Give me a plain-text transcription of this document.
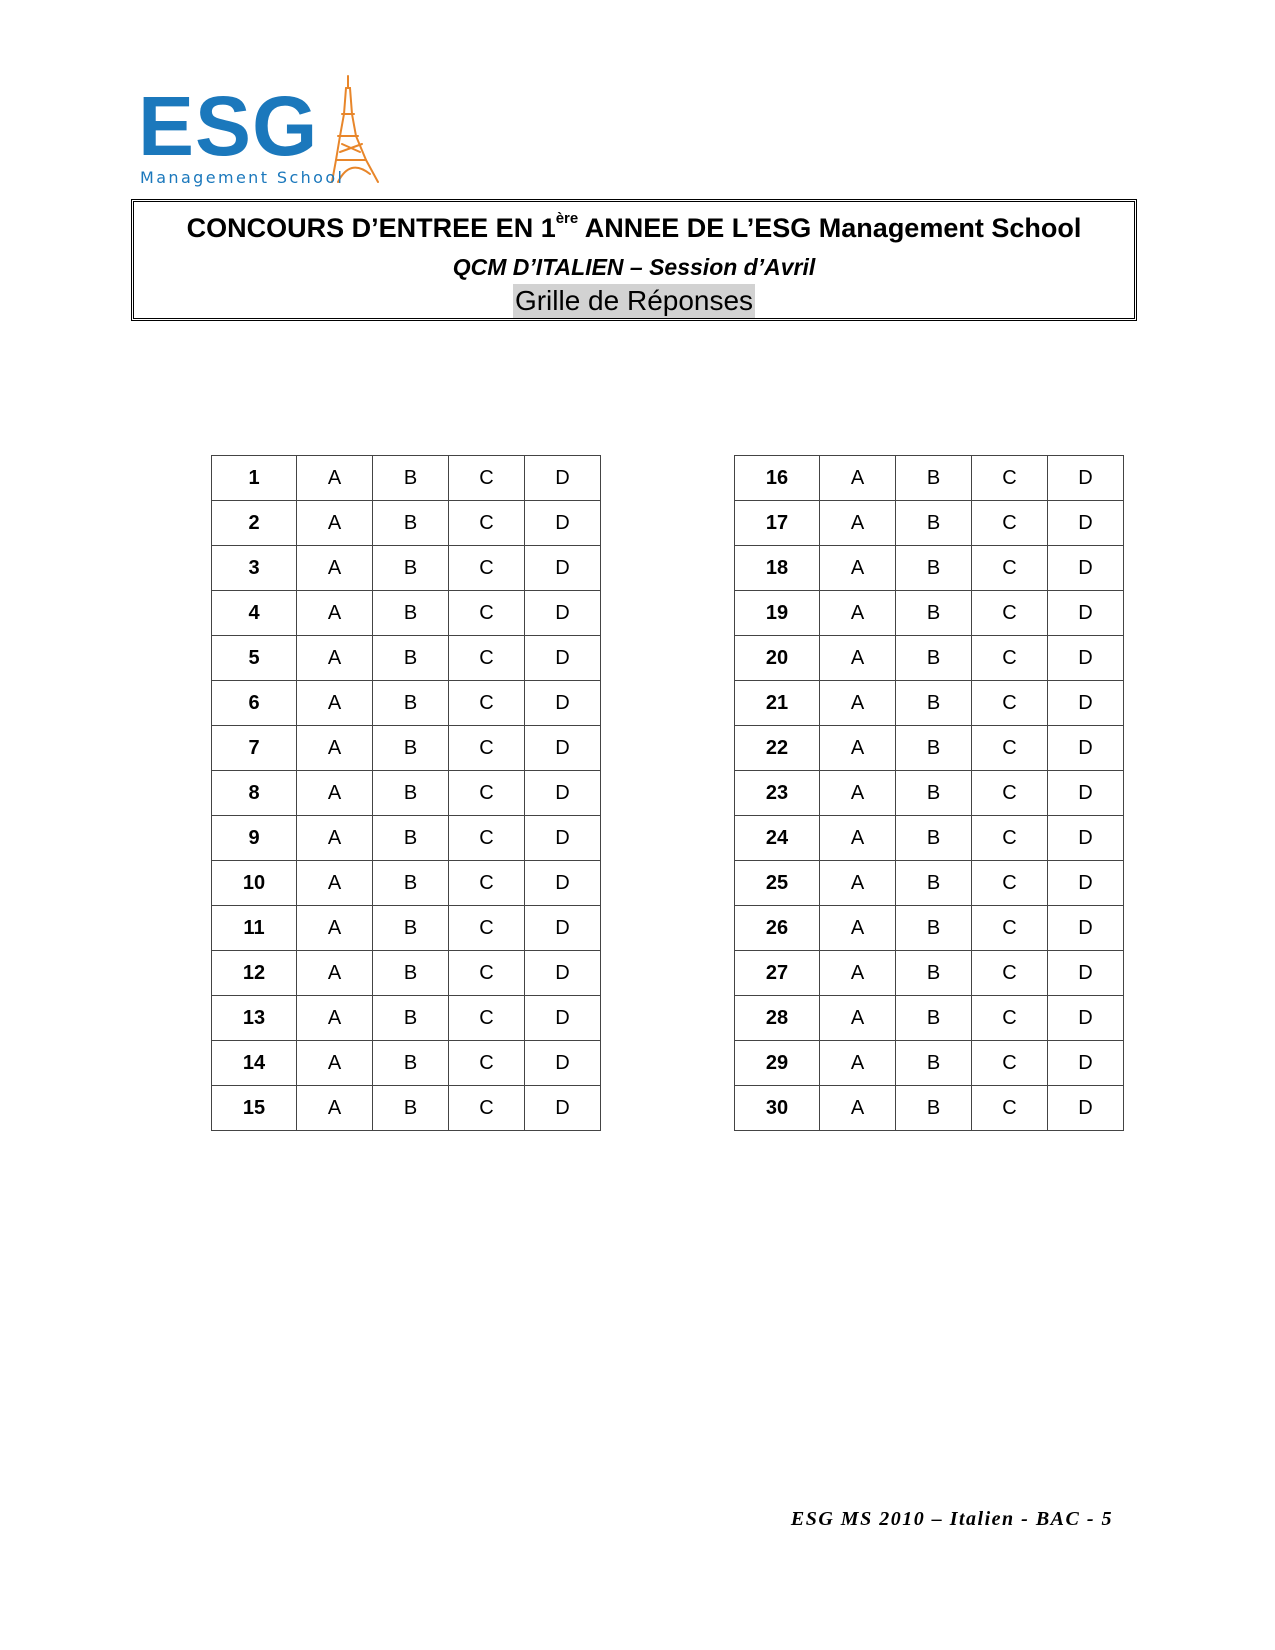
ESG
Management School
CONCOURS D’ENTREE EN 1ère ANNEE DE L’ESG Management School
QCM D’ITALIEN – Session d’Avril
Grille de Réponses
1	A	B	C	D
2	A	B	C	D
3	A	B	C	D
4	A	B	C	D
5	A	B	C	D
6	A	B	C	D
7	A	B	C	D
8	A	B	C	D
9	A	B	C	D
10	A	B	C	D
11	A	B	C	D
12	A	B	C	D
13	A	B	C	D
14	A	B	C	D
15	A	B	C	D
16	A	B	C	D
17	A	B	C	D
18	A	B	C	D
19	A	B	C	D
20	A	B	C	D
21	A	B	C	D
22	A	B	C	D
23	A	B	C	D
24	A	B	C	D
25	A	B	C	D
26	A	B	C	D
27	A	B	C	D
28	A	B	C	D
29	A	B	C	D
30	A	B	C	D
ESG MS 2010 – Italien - BAC - 5
